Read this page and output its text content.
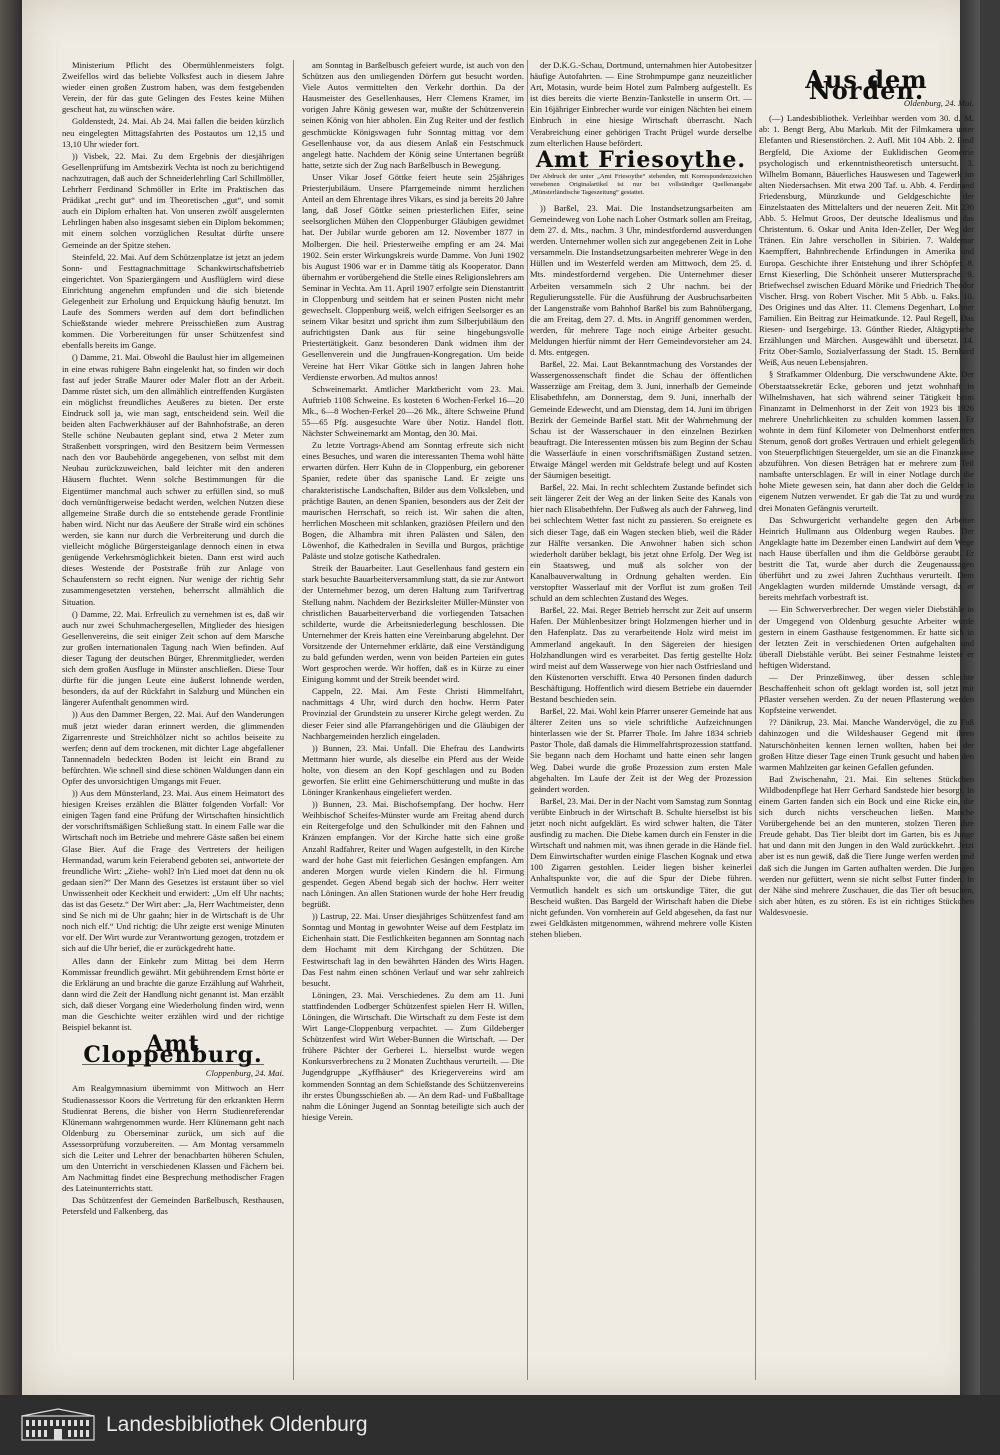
Ministerium Pflicht des Obermühlenmeisters folgt. Zweifellos wird das beliebte Volksfest auch in diesem Jahre wieder einen großen Zustrom haben, was dem festgebenden Verein, der für das gute Gelingen des Festes keine Mühen gescheut hat, zu wünschen wäre.

Goldenstedt, 24. Mai. Ab 24. Mai fallen die beiden kürzlich neu eingelegten Mittagsfahrten des Postautos um 12,15 und 13,10 Uhr wieder fort.

)) Visbek, 22. Mai. Zu dem Ergebnis der diesjährigen Gesellenprüfung im Amtsbezirk Vechta ist noch zu berichtigend nachzutragen, daß auch der Schneiderlehrling Carl Schillmöller, Lehrherr Ferdinand Schmöller in Erlte im Praktischen das Prädikat „recht gut“ und im Theoretischen „gut“, und somit auch ein Diplom erhalten hat. Von unseren zwölf ausgelernten Lehrlingen haben also insgesamt sieben ein Diplom bekommen; mit einem solchen vorzüglichen Resultat dürfte unsere Gemeinde an der Spitze stehen.

Steinfeld, 22. Mai. Auf dem Schützenplatze ist jetzt an jedem Sonn- und Festtagnachmittage Schankwirtschaftsbetrieb eingerichtet. Von Spaziergängern und Ausflüglern wird diese Einrichtung angenehm empfunden und die sich bietende Gelegenheit zur Erholung und Erquickung häufig benutzt. Im Laufe des Sommers werden auf dem dort befindlichen Schießstande wieder mehrere Preisschießen zum Austrag kommen. Die Vorbereitungen für unser Schützenfest sind ebenfalls bereits im Gange.

() Damme, 21. Mai. Obwohl die Baulust hier im allgemeinen in eine etwas ruhigere Bahn eingelenkt hat, so finden wir doch fast auf jeder Straße Maurer oder Maler flott an der Arbeit. Damme rüstet sich, um den allmählich eintreffenden Kurgästen ein möglichst freundliches Aeußeres zu bieten. Der erste Eindruck soll ja, wie man sagt, entscheidend sein. Weil die beiden alten Fachwerkhäuser auf der Bahnhofstraße, an deren Stelle schöne Neubauten geplant sind, etwa 2 Meter zum Straßenbett vorspringen, wird den Besitzern beim Vermessen nach den vor Baubehörde angegebenen, von selbst mit dem Neubau zurückzuweichen, bald leichter mit den anderen Häusern fluchtet. Wenn solche Bestimmungen für die Eigentümer manchmal auch schwer zu erfüllen sind, so muß doch vernünftigerweise bedacht werden, welchen Nutzen diese allgemeine Straße durch die so entstehende gerade Frontlinie haben wird. Nicht nur das Aeußere der Straße wird ein schönes werden, sie kann nur durch die Verbreiterung und durch die vielleicht mögliche Bürgersteiganlage dennoch einen in etwa genügende Verkehrsmöglichkeit bieten. Dann erst wird auch dieses Westende der Poststraße früh zur Anlage von Schaufenstern so recht eignen. Nur wenige der richtig Sehr zusammengesetzten verstehen, beherrscht allmählich die Situation.

() Damme, 22. Mai. Erfreulich zu vernehmen ist es, daß wir auch nur zwei Schuhmachergesellen, Mitglieder des hiesigen Gesellenvereins, die seit einiger Zeit schon auf dem Marsche zur großen internationalen Tagung nach Wien befinden. Auf dieser Tagung der deutschen Bürger, Ehrenmitglieder, werden sich dem großen Ausfluge in Münster anschließen. Diese Tour dürfte für die jungen Leute eine äußerst lohnende werden, besonders, da auf der Rückfahrt in Salzburg und München ein längerer Aufenthalt genommen wird.

)) Aus den Dammer Bergen, 22. Mai. Auf den Wanderungen muß jetzt wieder daran erinnert werden, die glimmenden Zigarrenreste und Streichhölzer nicht so achtlos beiseite zu werfen; denn auf dem trockenen, mit dichter Lage abgefallener Tannennadeln bedeckten Boden ist leicht ein Brand zu befürchten. Wie schnell sind diese schönen Waldungen dann ein Opfer des unvorsichtigen Umgangs mit Feuer.

)) Aus dem Münsterland, 23. Mai. Aus einem Heimatort des hiesigen Kreises erzählen die Blätter folgenden Vorfall: Vor einigen Tagen fand eine Prüfung der Wirtschaften hinsichtlich der vorschriftsmäßigen Schließung statt. In einem Falle war die Wirtschaft noch im Betriebe und mehrere Gäste saßen bei einem Glase Bier. Auf die Frage des Vertreters der heiligen Hermandad, warum kein Feierabend geboten sei, antwortete der freundliche Wirt: „Ziehe- wohl? In'n Lied moet dat denn nu ok gedaan sien?“ Der Mann des Gesetzes ist erstaunt über so viel Unwissenheit oder Keckheit und erwidert: „Um elf Uhr nachts; das ist das Gesetz.“ Der Wirt aber: „Ja, Herr Wachtmeister, denn sind Se nich mi de Uhr gaahn; hier in de Wirtschaft is de Uhr noch nich elf.“ Und richtig: die Uhr zeigte erst wenige Minuten vor elf. Der Wirt wurde zur Verantwortung gezogen, trotzdem er sich auf die Uhr berief, die er zurückgedreht hatte.

Alles dann der Einkehr zum Mittag bei dem Herrn Kommissar freundlich gewährt. Mit gebührendem Ernst hörte er die Erklärung an und brachte die ganze Erzählung auf Wahrheit, dann wird die Zeit der Handlung nicht genannt ist. Man erzählt sich, daß dieser Vorgang eine Wiederholung finden wird, wenn man die Geschichte weiter erzählen wird und der richtige Beispiel bekannt ist.

Amt Cloppenburg.
Cloppenburg, 24. Mai.

Am Realgymnasium übernimmt von Mittwoch an Herr Studienassessor Koors die Vertretung für den erkrankten Herrn Studienrat Berens, die bisher von Herrn Studienreferendar Klünemann wahrgenommen wurde. Herr Klünemann geht nach Oldenburg zu Oberseminar zurück, um sich auf die Assessorprüfung vorzubereiten. — Am Montag versammeln sich die Leiter und Lehrer der benachbarten höheren Schulen, um den Unterricht in verschiedenen Klassen und Fächern bei. Am Nachmittag findet eine Besprechung methodischer Fragen des Lateinunterrichts statt.

Das Schützenfest der Gemeinden Barßelbusch, Resthausen, Petersfeld und Falkenberg, das

am Sonntag in Barßelbusch gefeiert wurde, ist auch von den Schützen aus den umliegenden Dörfern gut besucht worden. Viele Autos vermittelten den Verkehr dorthin. Da der Hausmeister des Gesellenhauses, Herr Clemens Kramer, im vorigen Jahre König gewesen war, mußte der Schützenverein seinen König von hier abholen. Ein Zug Reiter und der festlich geschmückte Königswagen fuhr Sonntag mittag vor dem Gesellenhause vor, da aus diesem Anlaß ein Festschmuck angelegt hatte. Nachdem der König seine Untertanen begrüßt hatte, setzte sich der Zug nach Barßelbusch in Bewegung.

Unser Vikar Josef Göttke feiert heute sein 25jähriges Priesterjubiläum. Unsere Pfarrgemeinde nimmt herzlichen Anteil an dem Ehrentage ihres Vikars, es sind ja bereits 20 Jahre lang, daß Josef Göttke seinen priesterlichen Eifer, seine seelsorglichen Mühen den Cloppenburger Gläubigen gewidmet hat. Der Jubilar wurde geboren am 12. November 1877 in Molbergen. Die heil. Priesterweihe empfing er am 24. Mai 1902. Sein erster Wirkungskreis wurde Damme. Von Juni 1902 bis August 1906 war er in Damme tätig als Kooperator. Dann übernahm er vorübergehend die Stelle eines Religionslehrers am Seminar in Vechta. Am 11. April 1907 erfolgte sein Dienstantritt in Cloppenburg und seitdem hat er seinen Posten nicht mehr gewechselt. Cloppenburg weiß, welch eifrigen Seelsorger es an seinem Vikar besitzt und spricht ihm zum Silberjubiläum den aufrichtigsten Dank aus für seine hingebungsvolle Priestertätigkeit. Ganz besonderen Dank widmen ihm der Gesellenverein und die Jungfrauen-Kongregation. Um beide Vereine hat Herr Vikar Göttke sich in langen Jahren hohe Verdienste erworben. Ad multos annos!

Schweinemarkt. Amtlicher Marktbericht vom 23. Mai. Auftrieb 1108 Schweine. Es kosteten 6 Wochen-Ferkel 16—20 Mk., 6—8 Wochen-Ferkel 20—26 Mk., ältere Schweine Pfund 55—65 Pfg. ausgesuchte Ware über Notiz. Handel flott. Nächster Schweinemarkt am Montag, den 30. Mai.

Zu letzte Vortrags-Abend am Sonntag erfreute sich nicht eines Besuches, und waren die interessanten Thema wohl hätte erwarten dürfen. Herr Kuhn de in Cloppenburg, ein geborener Spanier, redete über das spanische Land. Er zeigte uns charakteristische Landschaften, Bilder aus dem Volksleben, und prächtige Bauten, an denen Spanien, besonders aus der Zeit der maurischen Herrschaft, so reich ist. Wir sahen die alten, herrlichen Moscheen mit schlanken, graziösen Pfeilern und den Bogen, die Alhambra mit ihren Palästen und Sälen, den Löwenhof, die Kathedralen in Sevilla und Burgos, prächtige Paläste und stolze gotische Kathedralen.

Streik der Bauarbeiter. Laut Gesellenhaus fand gestern ein stark besuchte Bauarbeiterversammlung statt, da sie zur Antwort der Unternehmer bezog, um deren Haltung zum Tarifvertrag Stellung nahm. Nachdem der Bezirksleiter Müller-Münster von christlichen Bauarbeiterverband die vorliegenden Tatsachen schilderte, wurde die Arbeitsniederlegung beschlossen. Die Unternehmer der Kreis hatten eine Vereinbarung abgelehnt. Der Vorsitzende der Unternehmer erklärte, daß eine Verständigung zu bald gefunden werden, wenn von beiden Parteien ein gutes Wort gesprochen werde. Wir hoffen, daß es in Kürze zu einer Einigung kommt und der Streik beendet wird.

Cappeln, 22. Mai. Am Feste Christi Himmelfahrt, nachmittags 4 Uhr, wird durch den hochw. Herrn Pater Provinzial der Grundstein zu unserer Kirche gelegt werden. Zu dieser Feier sind alle Pfarrangehörigen und die Gläubigen der Nachbargemeinden herzlich eingeladen.

)) Bunnen, 23. Mai. Unfall. Die Ehefrau des Landwirts Mettmann hier wurde, als dieselbe ein Pferd aus der Weide holte, von diesem an den Kopf geschlagen und zu Boden geworfen. Sie erlitt eine Gehirnerschütterung und mußte in das Löninger Krankenhaus eingeliefert werden.

)) Bunnen, 23. Mai. Bischofsempfang. Der hochw. Herr Weihbischof Scheifes-Münster wurde am Freitag abend durch ein Reitergefolge und den Schulkinder mit den Fahnen und Kränzen empfangen. Vor der Kirche hatte sich eine große Anzahl Radfahrer, Reiter und Wagen aufgestellt, in den Kirche ward der hohe Gast mit feierlichen Gesängen empfangen. Am anderen Morgen wurde vielen Kindern die hl. Firmung gespendet. Gegen Abend begab sich der hochw. Herr weiter nach Löningen. An allen Stationen wurde der hohe Herr freudig begrüßt.

)) Lastrup, 22. Mai. Unser diesjähriges Schützenfest fand am Sonntag und Montag in gewohnter Weise auf dem Festplatz im Eichenhain statt. Die Festlichkeiten begannen am Sonntag nach dem Hochamt mit dem Kirchgang der Schützen. Die Festwirtschaft lag in den bewährten Händen des Wirts Hagen. Das Fest nahm einen schönen Verlauf und war sehr zahlreich besucht.

Löningen, 23. Mai. Verschiedenes. Zu dem am 11. Juni stattfindenden Lodberger Schützenfest spielen Herr H. Willen, Löningen, die Wirtschaft. Die Wirtschaft zu dem Feste ist dem Wirt Lange-Cloppenburg verpachtet. — Zum Gildeberger Schützenfest wird Wirt Weber-Bunnen die Wirtschaft. — Der frühere Pächter der Gerberei L. hierselbst wurde wegen Konkursverbrechens zu 2 Monaten Zuchthaus verurteilt. — Die Jugendgruppe „Kyffhäuser“ des Kriegervereins wird am kommenden Sonntag an dem Schießstande des Schützenvereins ihr erstes Übungsschießen ab. — An dem Rad- und Fußballtage nahm die Löninger Jugend an Sonntag beteiligte sich auch der hiesige Verein.

der D.K.G.-Schau, Dortmund, unternahmen hier Autobesitzer häufige Autofahrten. — Eine Strohmpumpe ganz neuzeitlicher Art, Motasin, wurde beim Hotel zum Palmberg aufgestellt. Es ist dies bereits die vierte Benzin-Tankstelle in unserm Ort. — Ein 16jähriger Einbrecher wurde vor einigen Nächten bei einem Einbruch in eine hiesige Wirtschaft überrascht. Nach Verabreichung einer gehörigen Tracht Prügel wurde derselbe zum elterlichen Hause befördert.

Amt Friesoythe.
Der Abdruck der unter „Amt Friesoythe“ stehenden, mit Korrespondenzzeichen versehenen Originalartikel ist nur bei vollständiger Quellenangabe „Münsterländische Tageszeitung“ gestattet.

)) Barßel, 23. Mai. Die Instandsetzungsarbeiten am Gemeindeweg von Lohe nach Loher Ostmark sollen am Freitag, dem 27. d. Mts., nachm. 3 Uhr, mindestfordernd ausverdungen werden. Unternehmer wollen sich zur angegebenen Zeit in Lohe versammeln. Die Instandsetzungsarbeiten mehrerer Wege in den Hüllen und im Westerfeld werden am Mittwoch, dem 25. d. Mts. mindestfordernd vergeben. Die Unternehmer dieser Arbeiten versammeln sich 2 Uhr nachm. bei der Regulierungsstelle. Für die Ausführung der Ausbruchsarbeiten der Langenstraße vom Bahnhof Barßel bis zum Bahnübergang, die am Freitag, dem 27. d. Mts. in Angriff genommen werden, werden, für mehrere Tage noch einige Arbeiter gesucht. Meldungen hierfür nimmt der Herr Gemeindevorsteher am 24. d. Mts. entgegen.

Barßel, 22. Mai. Laut Bekanntmachung des Vorstandes der Wassergenossenschaft findet die Schau der öffentlichen Wasserzüge am Freitag, dem 3. Juni, innerhalb der Gemeinde Elisabethfehn, am Donnerstag, dem 9. Juni, innerhalb der Gemeinde Edewecht, und am Dienstag, dem 14. Juni im übrigen Bezirk der Gemeinde Barßel statt. Mit der Wahrnehmung der Schau ist der Wasserschauer in den einzelnen Bezirken beauftragt. Die Interessenten müssen bis zum Beginn der Schau die Wasserläufe in einen vorschriftsmäßigen Zustand setzen. Etwaige Mängel werden mit Geldstrafe belegt und auf Kosten der Säumigen beseitigt.

Barßel, 22. Mai. In recht schlechtem Zustande befindet sich seit längerer Zeit der Weg an der linken Seite des Kanals von hier nach Elisabethfehn. Der Fußweg als auch der Fahrweg, lind bei schlechtem Wetter fast nicht zu passieren. So ereignete es sich dieser Tage, daß ein Wagen stecken blieb, weil die Räder zur Hälfte versanken. Die Anwohner haben sich schon wiederholt darüber beklagt, bis jetzt ohne Erfolg. Der Weg ist ein Staatsweg, und muß als solcher von der Kanalbauverwaltung in Ordnung gehalten werden. Ein verstopfter Wasserlauf mit der Vorflut ist zum großen Teil schuld an dem schlechten Zustand des Weges.

Barßel, 22. Mai. Reger Betrieb herrscht zur Zeit auf unserm Hafen. Der Mühlenbesitzer bringt Holzmengen hierher und in den Hafenplatz. Das zu verarbeitende Holz wird meist im Ammerland angekauft. In den Sägereien der hiesigen Holzhandlungen wird es verarbeitet. Das fertig gestellte Holz wird meist auf dem Wasserwege von hier nach Ostfriesland und den Küstenorten verschifft. Etwa 40 Personen finden dadurch Beschäftigung. Hoffentlich wird diesem Betriebe ein dauernder Bestand beschieden sein.

Barßel, 22. Mai. Wohl kein Pfarrer unserer Gemeinde hat aus älterer Zeiten uns so viele schriftliche Aufzeichnungen hinterlassen wie der St. Pfarrer Thole. Im Jahre 1834 schrieb Pastor Thole, daß damals die Himmelfahrtsprozession stattfand. Sie begann nach dem Hochamt und hatte einen sehr langen Weg. Dabei wurde die große Prozession zum ersten Male abgehalten. Im Laufe der Zeit ist der Weg der Prozession geändert worden.

Barßel, 23. Mai. Der in der Nacht vom Samstag zum Sonntag verübte Einbruch in der Wirtschaft B. Schulte hierselbst ist bis jetzt noch nicht aufgeklärt. Es wird schwer halten, die Täter ausfindig zu machen. Die Diebe kamen durch ein Fenster in die Wirtschaft und nahmen mit, was ihnen gerade in die Hände fiel. Dem Einwirtschafter wurden einige Flaschen Kognak und etwa 100 Zigarren gestohlen. Leider liegen bisher keinerlei Anhaltspunkte vor, die auf die Spur der Diebe führen. Vermutlich handelt es sich um ortskundige Täter, die gut Bescheid wußten. Das Bargeld der Wirtschaft haben die Diebe nicht gefunden. Von vornherein auf Geld abgesehen, da fast nur zwei Geldkästen mitgenommen, während mehrere volle Kisten stehen blieben.

Aus dem Norden.
Oldenburg, 24. Mai.

(—) Landesbibliothek. Verleihbar werden vom 30. d. M. ab: 1. Bengt Berg, Abu Markub. Mit der Filmkamera unter Elefanten und Riesenstörchen. 2. Aufl. Mit 104 Abb. 2. Emil Bergfeld, Die Axiome der Euklidischen Geometrie psychologisch und erkenntnistheoretisch untersucht. 3. Wilhelm Bomann, Bäuerliches Hauswesen und Tagewerk im alten Niedersachsen. Mit etwa 200 Taf. u. Abb. 4. Ferdinand Friedensburg, Münzkunde und Geldgeschichte der Einzelstaaten des Mittelalters und der neueren Zeit. Mit 230 Abb. 5. Helmut Groos, Der deutsche Idealismus und das Christentum. 6. Oskar und Anita Iden-Zeller, Der Weg der Tränen. Ein Jahre verschollen in Sibirien. 7. Waldemar Kaempffert, Bahnbrechende Erfindungen in Amerika und Europa. Geschichte ihrer Entstehung und ihrer Schöpfer. 8. Ernst Kieserling, Die Schönheit unserer Muttersprache. 9. Briefwechsel zwischen Eduard Mörike und Friedrich Theodor Vischer. Hrsg. von Robert Vischer. Mit 5 Abb. u. Faks. 10. Des Origines und das Alter. 11. Clemens Degenhart, Lohner Familien. Ein Beitrag zur Heimatkunde. 12. Paul Regell, Das Riesen- und Isergebirge. 13. Günther Rieder, Altägyptische Erzählungen und Märchen. Ausgewählt und übersetzt. 14. Fritz Ober-Samlo, Sozialverfassung der Stadt. 15. Bernhard Weiß, Aus neuen Lebensjahren.

§ Strafkammer Oldenburg. Die verschwundene Akte. Der Oberstaatssekretär Ecke, geboren und jetzt wohnhaft in Wilhelmshaven, hat sich während seiner Tätigkeit beim Finanzamt in Delmenhorst in der Zeit von 1923 bis 1926 mehrere Unehrlichkeiten zu schulden kommen lassen. Er wohnte in dem fünf Kilometer von Delmenhorst entfernten Stenum, genoß dort großes Vertrauen und erhielt gelegentlich von Steuerpflichtigen Steuergelder, um sie an die Finanzkasse abzuführen. Von diesen Beträgen hat er mehrere zum Teil nambafte unterschlagen. Er will in einer Notlage durch die hohe Miete gewesen sein, hat dann aber doch die Gelder in eigenem Nutzen verwendet. Er gab die Tat zu und wurde zu drei Monaten Gefängnis verurteilt.

Das Schwurgericht verhandelte gegen den Arbeiter Heinrich Hullmann aus Oldenburg wegen Raubes. Der Angeklagte hatte im Dezember einen Landwirt auf dem Wege nach Hause überfallen und ihm die Geldbörse geraubt. Er bestritt die Tat, wurde aber durch die Zeugenaussagen überführt und zu zwei Jahren Zuchthaus verurteilt. Dem Angeklagten wurden mildernde Umstände versagt, da er bereits mehrfach vorbestraft ist.

— Ein Schwerverbrecher. Der wegen vieler Diebstähle in der Umgegend von Oldenburg gesuchte Arbeiter wurde gestern in einem Gasthause festgenommen. Er hatte sich in der letzten Zeit in verschiedenen Orten aufgehalten und überall Diebstähle verübt. Bei seiner Festnahme leistete er heftigen Widerstand.

— Der Prinzeßinweg, über dessen schlechte Beschaffenheit schon oft geklagt worden ist, soll jetzt mit Pflaster versehen werden. Zu der neuen Pflasterung werden Kopfsteine verwendet.

?? Dänikrup, 23. Mai. Manche Wandervögel, die zu Fuß dahinzogen und die Wildeshauser Gegend mit ihren Naturschönheiten kennen lernen wollten, haben bei der großen Hitze dieser Tage einen Trunk gesucht und haben den warmen Mahlzeiten gar keinen Gefallen gefunden.

Bad Zwischenahn, 21. Mai. Ein seltenes Stückchen Wildbodenpflege hat Herr Gerhard Sandstede hier besorgt. In einem Garten fanden sich ein Bock und eine Ricke ein, die sich durch nichts verscheuchen ließen. Manche Vorübergehende bei an den munteren, stolzen Tieren ihre Freude gehabt. Das Tier bleibt dort im Garten, bis es Junge hat und dann mit den Jungen in den Wald zurückkehrt. Jetzt aber ist es nun gewiß, daß die Tiere Junge werfen werden und daß sich die Jungen im Garten aufhalten werden. Die Jungen werden nur gefüttert, wenn sie nicht selbst Futter finden. In der Nähe sind mehrere Zuschauer, die das Tier oft besuchen, sich aber hüten, es zu stören. Es ist ein richtiges Stückchen Waldesvoesie.

Landesbibliothek Oldenburg
